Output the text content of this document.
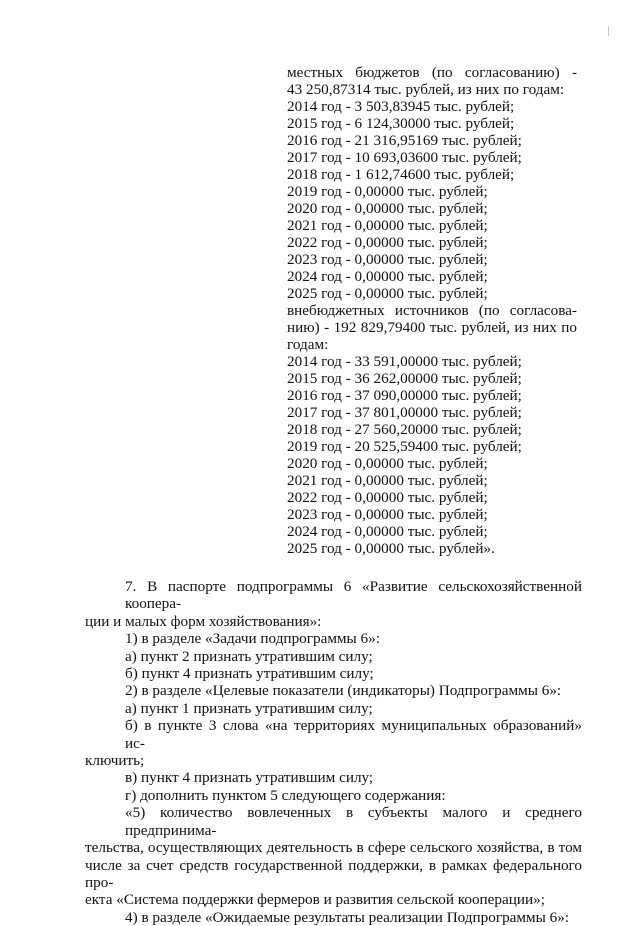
местных бюджетов (по согласованию) -
43 250,87314 тыс. рублей, из них по годам:
2014 год - 3 503,83945 тыс. рублей;
2015 год - 6 124,30000 тыс. рублей;
2016 год - 21 316,95169 тыс. рублей;
2017 год - 10 693,03600 тыс. рублей;
2018 год - 1 612,74600 тыс. рублей;
2019 год - 0,00000 тыс. рублей;
2020 год - 0,00000 тыс. рублей;
2021 год - 0,00000 тыс. рублей;
2022 год - 0,00000 тыс. рублей;
2023 год - 0,00000 тыс. рублей;
2024 год - 0,00000 тыс. рублей;
2025 год - 0,00000 тыс. рублей;
внебюджетных источников (по согласова-
нию) - 192 829,79400 тыс. рублей, из них по
годам:
2014 год - 33 591,00000 тыс. рублей;
2015 год - 36 262,00000 тыс. рублей;
2016 год - 37 090,00000 тыс. рублей;
2017 год - 37 801,00000 тыс. рублей;
2018 год - 27 560,20000 тыс. рублей;
2019 год - 20 525,59400 тыс. рублей;
2020 год - 0,00000 тыс. рублей;
2021 год - 0,00000 тыс. рублей;
2022 год - 0,00000 тыс. рублей;
2023 год - 0,00000 тыс. рублей;
2024 год - 0,00000 тыс. рублей;
2025 год - 0,00000 тыс. рублей».
7. В паспорте подпрограммы 6 «Развитие сельскохозяйственной коопера-
ции и малых форм хозяйствования»:
1) в разделе «Задачи подпрограммы 6»:
а) пункт 2 признать утратившим силу;
б) пункт 4 признать утратившим силу;
2) в разделе «Целевые показатели (индикаторы) Подпрограммы 6»:
а) пункт 1 признать утратившим силу;
б) в пункте 3 слова «на территориях муниципальных образований» ис-
ключить;
в) пункт 4 признать утратившим силу;
г) дополнить пунктом 5 следующего содержания:
«5) количество вовлеченных в субъекты малого и среднего предпринима-
тельства, осуществляющих деятельность в сфере сельского хозяйства, в том
числе за счет средств государственной поддержки, в рамках федерального про-
екта «Система поддержки фермеров и развития сельской кооперации»;
4) в разделе «Ожидаемые результаты реализации Подпрограммы 6»:
